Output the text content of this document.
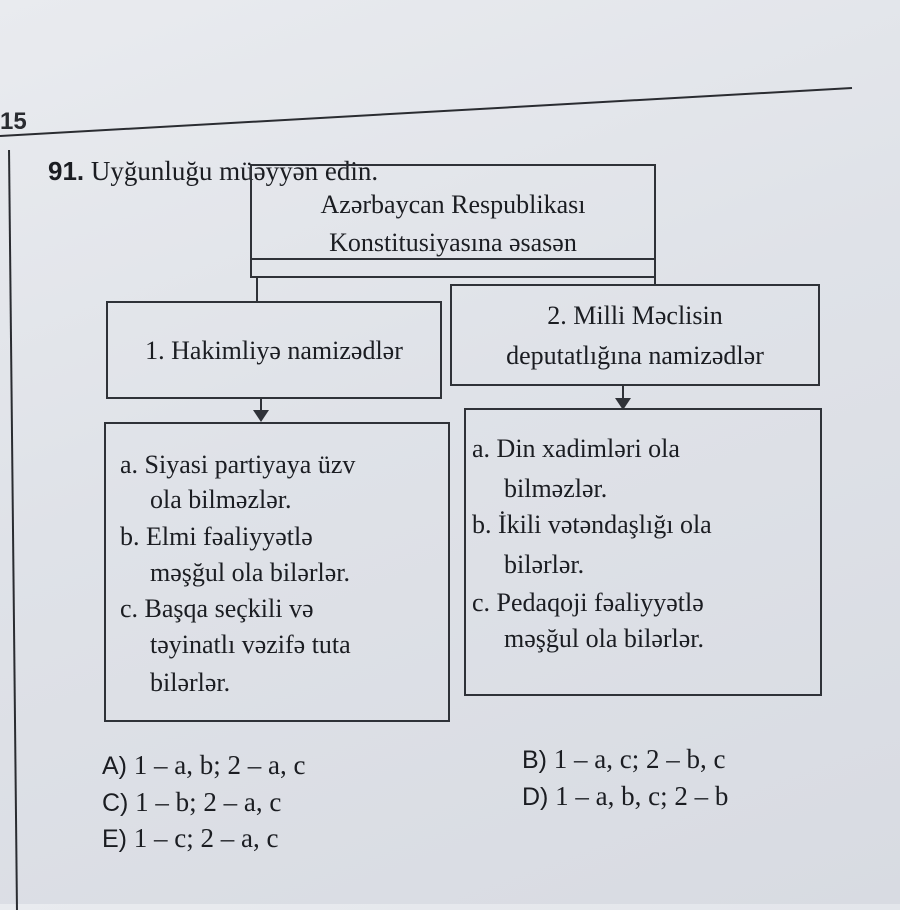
15
91. Uyğunluğu müəyyən edin.
Azərbaycan Respublikası
Konstitusiyasına əsasən
1. Hakimliyə namizədlər
2. Milli Məclisin
deputatlığına namizədlər
a. Siyasi partiyaya üzv
ola bilməzlər.
b. Elmi fəaliyyətlə
məşğul ola bilərlər.
c. Başqa seçkili və
təyinatlı vəzifə tuta
bilərlər.
a. Din xadimləri ola
bilməzlər.
b. İkili vətəndaşlığı ola
bilərlər.
c. Pedaqoji fəaliyyətlə
məşğul ola bilərlər.
A) 1 – a, b; 2 – a, c	B) 1 – a, c; 2 – b, c
C) 1 – b; 2 – a, c	D) 1 – a, b, c; 2 – b
E) 1 – c; 2 – a, c
